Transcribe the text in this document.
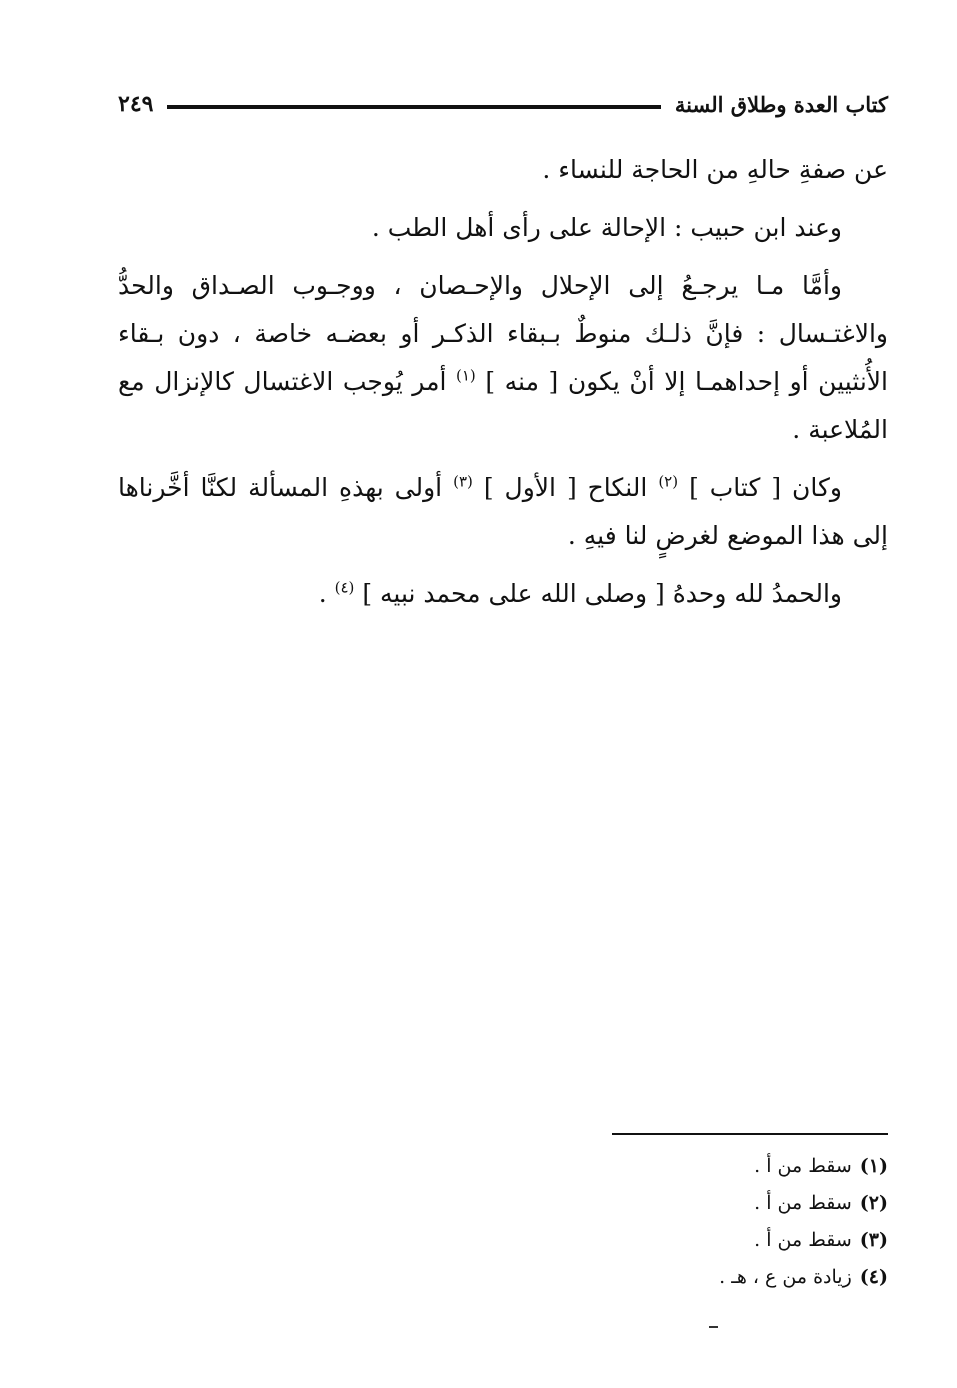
كتاب العدة وطلاق السنة
٢٤٩

عن صفةِ حالهِ من الحاجة للنساء .

وعند ابن حبيب : الإحالة على رأى أهل الطب .

وأمَّا مـا يرجـعُ إلى الإحلال والإحـصان ، ووجـوب الصـداق والحدُّ والاغتـسال : فإنَّ ذلـك منوطٌ بـبقاء الذكـر أو بعضـه خاصة ، دون بـقاء الأُنثيين أو إحداهمـا إلا أنْ يكون [ منه ] $^{(١)}$ أمر يُوجب الاغتسال كالإنزال مع المُلاعبة .

وكان [ كتاب ] $^{(٢)}$ النكاح [ الأول ] $^{(٣)}$ أولى بهذهِ المسألة لكنَّا أخَّرناها إلى هذا الموضع لغرضٍ لنا فيهِ .

والحمدُ لله وحدهُ [ وصلى الله على محمد نبيه ] $^{(٤)}$ .

(١)سقط من أ .
(٢)سقط من أ .
(٣)سقط من أ .
(٤)زيادة من ع ، هـ .
